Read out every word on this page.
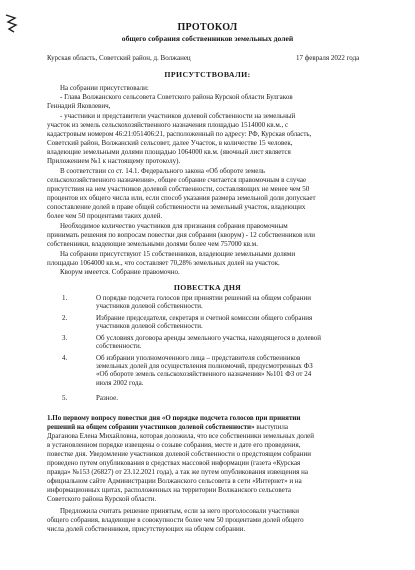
ПРОТОКОЛ
общего собрания собственников земельных долей
Курская область, Советский район, д. Волжанец	17 февраля 2022 года
ПРИСУТСТВОВАЛИ:
На собрании присутствовали:
- Глава Волжанского сельсовета Советского района Курской области Булгаков
Геннадий Яковлевич,
- участники и представители участников долевой собственности на земельный
участок из земель сельскохозяйственного назначения площадью 1514000 кв.м., с
кадастровым номером 46:21:051406:21, расположенный по адресу: РФ, Курская область,
Советский район, Волжанский сельсовет, далее Участок, в количестве 15 человек,
владеющие земельными долями площадью 1064000 кв.м. (явочный лист является
Приложением №1 к настоящему протоколу).
В соответствии со ст. 14.1. Федерального закона «Об обороте земель
сельскохозяйственного назначения», общее собрание считается правомочным в случае
присутствия на нем участников долевой собственности, составляющих не менее чем 50
процентов их общего числа или, если способ указания размера земельной доли допускает
сопоставление долей в праве общей собственности на земельный участок, владеющих
более чем 50 процентами таких долей.
Необходимое количество участников для признания собрания правомочным
принимать решения по вопросам повестки дня собрания (кворум) - 12 собственников или
собственники, владеющие земельными долями более чем 757000 кв.м.
На собрании присутствуют 15 собственников, владеющие земельными долями
площадью 1064000 кв.м., что составляет 70,28% земельных долей на участок.
Кворум имеется. Собрание правомочно.
ПОВЕСТКА ДНЯ
1.	О порядке подсчета голосов при принятии решений на общем собрании
участников долевой собственности.
2.	Избрание председателя, секретаря и счетной комиссии общего собрания
участников долевой собственности.
3.	Об условиях договора аренды земельного участка, находящегося в долевой
собственности.
4.	Об избрании уполномоченного лица – представителя собственников
земельных долей для осуществления полномочий, предусмотренных ФЗ
«Об обороте земель сельскохозяйственного назначения» №101 ФЗ от 24
июля 2002 года.
5.	Разное.
1.По первому вопросу повестки дня «О порядке подсчета голосов при принятии
решений на общем собрании участников долевой собственности» выступила
Драганова Елена Михайловна, которая доложила, что все собственники земельных долей
в установленном порядке извещены о созыве собрания, месте и дате его проведения,
повестке дня. Уведомление участников долевой собственности о предстоящем собрании
проведено путем опубликования в средствах массовой информации (газета «Курская
правда» №153 (26827) от 23.12.2021 года), а так же путем опубликования извещения на
официальном сайте Администрации Волжанского сельсовета в сети «Интернет» и на
информационных щитах, расположенных на территории Волжанского сельсовета
Советского района Курской области.
Предложила считать решение принятым, если за него проголосовали участники
общего собрания, владеющие в совокупности более чем 50 процентами долей общего
числа долей собственников, присутствующих на общем собрании.
